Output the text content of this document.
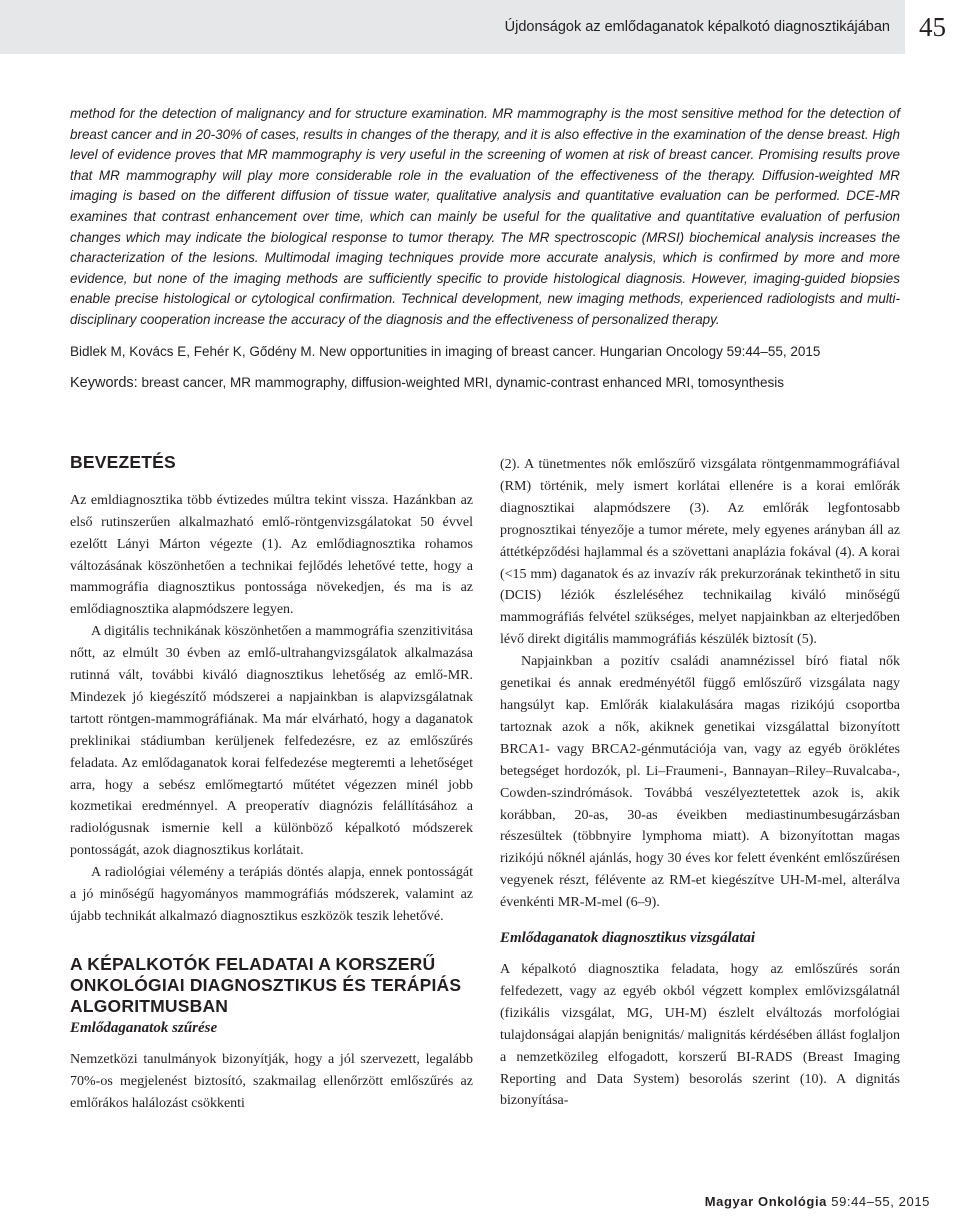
Újdonságok az emlődaganatok képalkotó diagnosztikájában	45

method for the detection of malignancy and for structure examination. MR mammography is the most sensitive method for the detection of breast cancer and in 20-30% of cases, results in changes of the therapy, and it is also effective in the examination of the dense breast. High level of evidence proves that MR mammography is very useful in the screening of women at risk of breast cancer. Promising results prove that MR mammography will play more considerable role in the evaluation of the effectiveness of the therapy. Diffusion-weighted MR imaging is based on the different diffusion of tissue water, qualitative analysis and quantitative evaluation can be performed. DCE-MR examines that contrast enhancement over time, which can mainly be useful for the qualitative and quantitative evaluation of perfusion changes which may indicate the biological response to tumor therapy. The MR spectroscopic (MRSI) biochemical analysis increases the characterization of the lesions. Multimodal imaging techniques provide more accurate analysis, which is confirmed by more and more evidence, but none of the imaging methods are sufficiently specific to provide histological diagnosis. However, imaging-guided biopsies enable precise histological or cytological confirmation. Technical development, new imaging methods, experienced radiologists and multi-disciplinary cooperation increase the accuracy of the diagnosis and the effectiveness of personalized therapy.

Bidlek M, Kovács E, Fehér K, Gődény M. New opportunities in imaging of breast cancer. Hungarian Oncology 59:44–55, 2015

Keywords: breast cancer, MR mammography, diffusion-weighted MRI, dynamic-contrast enhanced MRI, tomosynthesis

BEVEZETÉS

Az emldiagnosztika több évtizedes múltra tekint vissza. Hazánkban az első rutinszerűen alkalmazható emlő-röntgenvizsgálatokat 50 évvel ezelőtt Lányi Márton végezte (1). Az emlődiagnosztika rohamos változásának köszönhetően a technikai fejlődés lehetővé tette, hogy a mammográfia diagnosztikus pontossága növekedjen, és ma is az emlődiagnosztika alapmódszere legyen.

A digitális technikának köszönhetően a mammográfia szenzitivitása nőtt, az elmúlt 30 évben az emlő-ultrahangvizsgálatok alkalmazása rutinná vált, további kiváló diagnosztikus lehetőség az emlő-MR. Mindezek jó kiegészítő módszerei a napjainkban is alapvizsgálatnak tartott röntgen-mammográfiának. Ma már elvárható, hogy a daganatok preklinikai stádiumban kerüljenek felfedezésre, ez az emlőszűrés feladata. Az emlődaganatok korai felfedezése megteremti a lehetőséget arra, hogy a sebész emlőmegtartó műtétet végezzen minél jobb kozmetikai eredménnyel. A preoperatív diagnózis felállításához a radiológusnak ismernie kell a különböző képalkotó módszerek pontosságát, azok diagnosztikus korlátait.

A radiológiai vélemény a terápiás döntés alapja, ennek pontosságát a jó minőségű hagyományos mammográfiás módszerek, valamint az újabb technikát alkalmazó diagnosztikus eszközök teszik lehetővé.

A KÉPALKOTÓK FELADATAI A KORSZERŰ ONKOLÓGIAI DIAGNOSZTIKUS ÉS TERÁPIÁS ALGORITMUSBAN
Emlődaganatok szűrése

Nemzetközi tanulmányok bizonyítják, hogy a jól szervezett, legalább 70%-os megjelenést biztosító, szakmailag ellenőrzött emlőszűrés az emlőrákos halálozást csökkenti

(2). A tünetmentes nők emlőszűrő vizsgálata röntgenmammográfiával (RM) történik, mely ismert korlátai ellenére is a korai emlőrák diagnosztikai alapmódszere (3). Az emlőrák legfontosabb prognosztikai tényezője a tumor mérete, mely egyenes arányban áll az áttétképződési hajlammal és a szövettani anaplázia fokával (4). A korai (<15 mm) daganatok és az invazív rák prekurzorának tekinthető in situ (DCIS) léziók észleléséhez technikailag kiváló minőségű mammográfiás felvétel szükséges, melyet napjainkban az elterjedőben lévő direkt digitális mammográfiás készülék biztosít (5).

Napjainkban a pozitív családi anamnézissel bíró fiatal nők genetikai és annak eredményétől függő emlőszűrő vizsgálata nagy hangsúlyt kap. Emlőrák kialakulására magas rizikójú csoportba tartoznak azok a nők, akiknek genetikai vizsgálattal bizonyított BRCA1- vagy BRCA2-génmutációja van, vagy az egyéb öröklétes betegséget hordozók, pl. Li–Fraumeni-, Bannayan–Riley–Ruvalcaba-, Cowden-szindrómások. Továbbá veszélyeztetettek azok is, akik korábban, 20-as, 30-as éveikben mediastinumbesugárzásban részesültek (többnyire lymphoma miatt). A bizonyítottan magas rizikójú nőknél ajánlás, hogy 30 éves kor felett évenként emlőszűrésen vegyenek részt, félévente az RM-et kiegészítve UH-M-mel, alterálva évenkénti MR-M-mel (6–9).

Emlődaganatok diagnosztikus vizsgálatai

A képalkotó diagnosztika feladata, hogy az emlőszűrés során felfedezett, vagy az egyéb okból végzett komplex emlővizsgálatnál (fizikális vizsgálat, MG, UH-M) észlelt elváltozás morfológiai tulajdonságai alapján benignitás/ malignitás kérdésében állást foglaljon a nemzetközileg elfogadott, korszerű BI-RADS (Breast Imaging Reporting and Data System) besorolás szerint (10). A dignitás bizonyítása-

Magyar Onkológia 59:44–55, 2015
